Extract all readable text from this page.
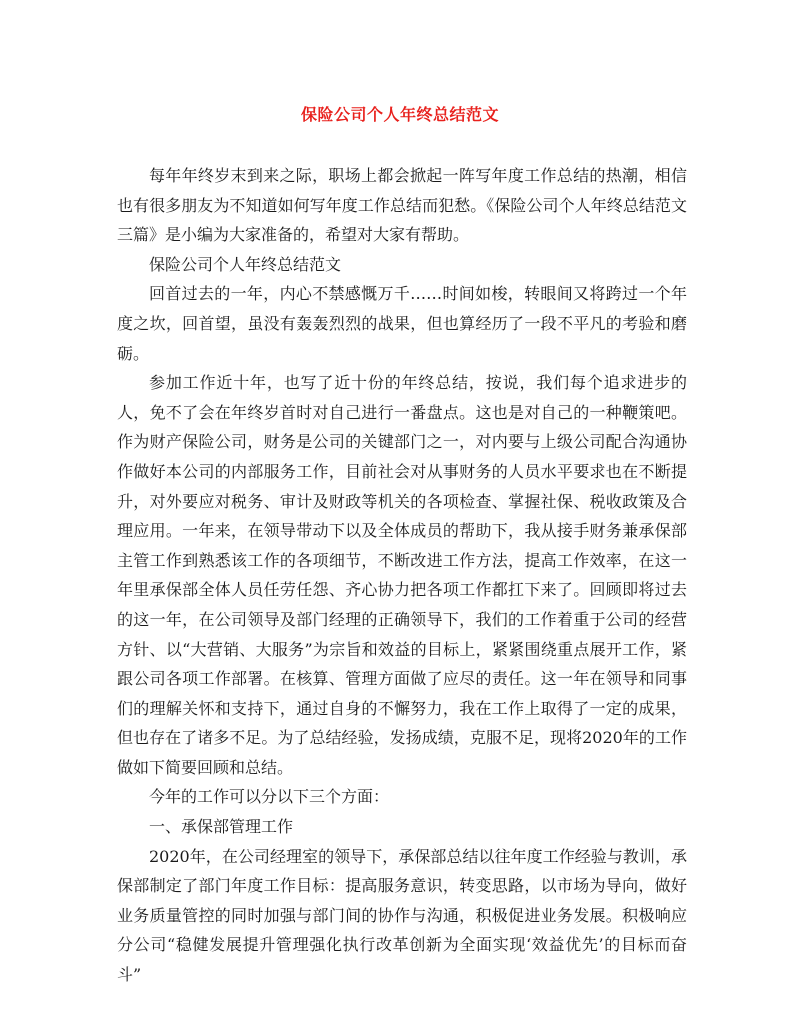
保险公司个人年终总结范文

每年年终岁末到来之际，职场上都会掀起一阵写年度工作总结的热潮，相信也有很多朋友为不知道如何写年度工作总结而犯愁。《保险公司个人年终总结范文三篇》是小编为大家准备的，希望对大家有帮助。

保险公司个人年终总结范文

回首过去的一年，内心不禁感慨万千……时间如梭，转眼间又将跨过一个年度之坎，回首望，虽没有轰轰烈烈的战果，但也算经历了一段不平凡的考验和磨砺。

参加工作近十年，也写了近十份的年终总结，按说，我们每个追求进步的人，免不了会在年终岁首时对自己进行一番盘点。这也是对自己的一种鞭策吧。作为财产保险公司，财务是公司的关键部门之一，对内要与上级公司配合沟通协作做好本公司的内部服务工作，目前社会对从事财务的人员水平要求也在不断提升，对外要应对税务、审计及财政等机关的各项检查、掌握社保、税收政策及合理应用。一年来，在领导带动下以及全体成员的帮助下，我从接手财务兼承保部主管工作到熟悉该工作的各项细节，不断改进工作方法，提高工作效率，在这一年里承保部全体人员任劳任怨、齐心协力把各项工作都扛下来了。回顾即将过去的这一年，在公司领导及部门经理的正确领导下，我们的工作着重于公司的经营方针、以“大营销、大服务”为宗旨和效益的目标上，紧紧围绕重点展开工作，紧跟公司各项工作部署。在核算、管理方面做了应尽的责任。这一年在领导和同事们的理解关怀和支持下，通过自身的不懈努力，我在工作上取得了一定的成果，但也存在了诸多不足。为了总结经验，发扬成绩，克服不足，现将2020年的工作做如下简要回顾和总结。

今年的工作可以分以下三个方面：

一、承保部管理工作

2020年，在公司经理室的领导下，承保部总结以往年度工作经验与教训，承保部制定了部门年度工作目标：提高服务意识，转变思路，以市场为导向，做好业务质量管控的同时加强与部门间的协作与沟通，积极促进业务发展。积极响应分公司“稳健发展提升管理强化执行改革创新为全面实现‘效益优先’的目标而奋斗”
